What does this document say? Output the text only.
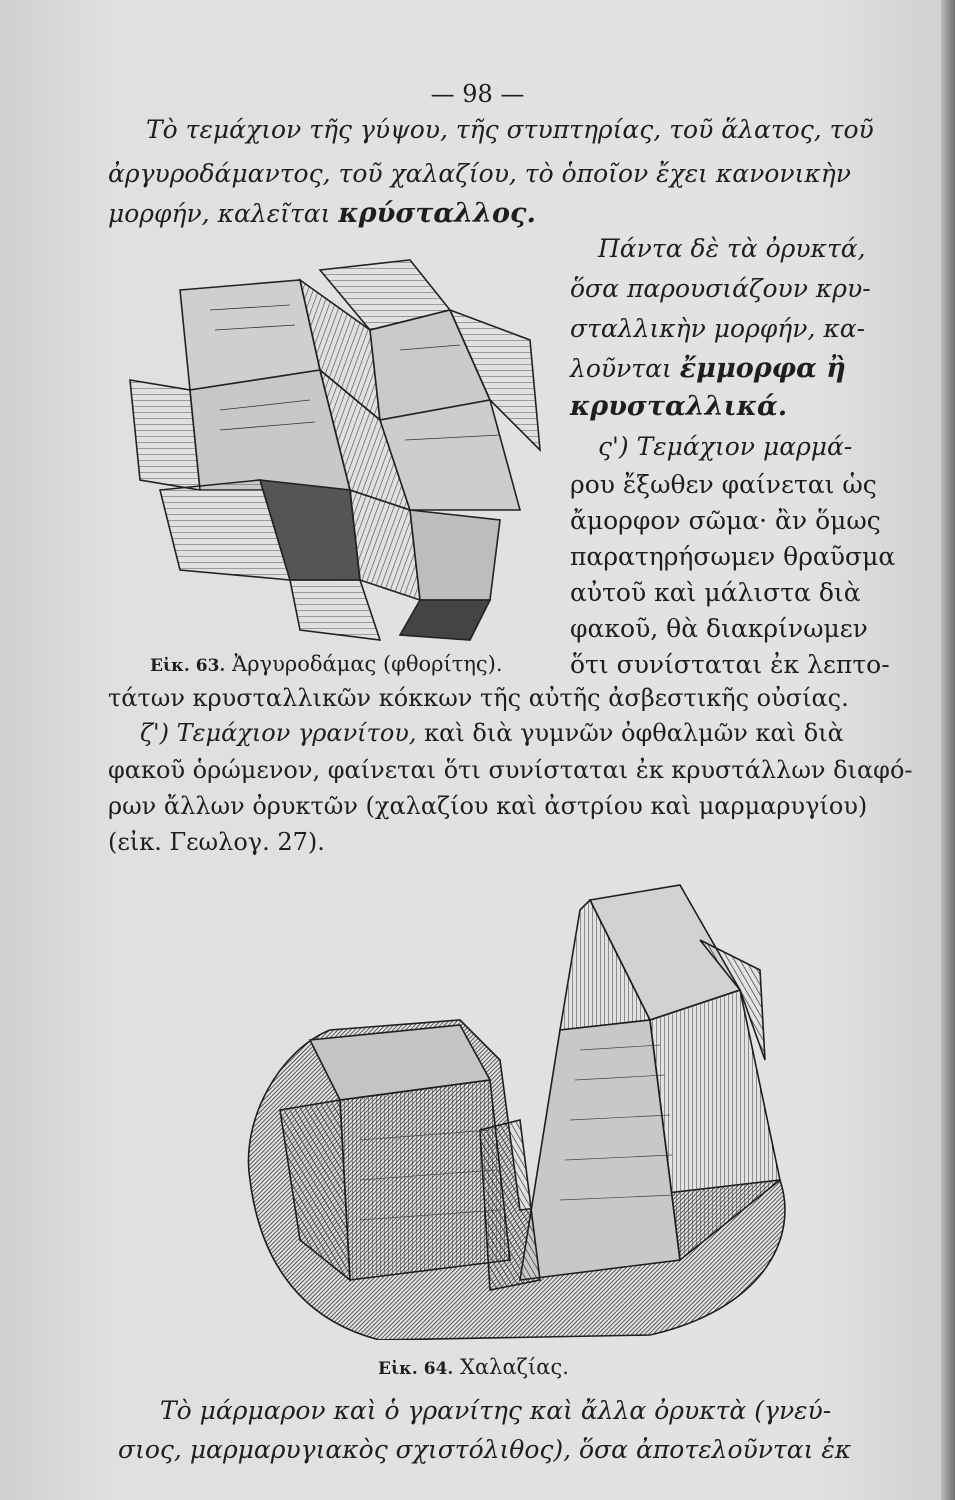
— 98 —
Τὸ τεμάχιον τῆς γύψου, τῆς στυπτηρίας, τοῦ ἅλατος, τοῦ
ἀργυροδάμαντος, τοῦ χαλαζίου, τὸ ὁποῖον ἔχει κανονικὴν
μορφήν, καλεῖται κρύσταλλος.
Πάντα δὲ τὰ ὀρυκτά,
ὅσα παρουσιάζουν κρυ-
σταλλικὴν μορφήν, κα-
λοῦνται ἔμμορφα ἢ
κρυσταλλικά.
ς') Τεμάχιον μαρμά-
ρου ἔξωθεν φαίνεται ὡς
ἄμορφον σῶμα· ἂν ὅμως
παρατηρήσωμεν θραῦσμα
αὐτοῦ καὶ μάλιστα διὰ
φακοῦ, θὰ διακρίνωμεν
ὅτι συνίσταται ἐκ λεπτο-
Εἰκ. 63. Ἀργυροδάμας (φθορίτης).
τάτων κρυσταλλικῶν κόκκων τῆς αὐτῆς ἀσβεστικῆς οὐσίας.
ζ') Τεμάχιον γρανίτου, καὶ διὰ γυμνῶν ὀφθαλμῶν καὶ διὰ
φακοῦ ὁρώμενον, φαίνεται ὅτι συνίσταται ἐκ κρυστάλλων διαφό-
ρων ἄλλων ὀρυκτῶν (χαλαζίου καὶ ἀστρίου καὶ μαρμαρυγίου)
(εἰκ. Γεωλογ. 27).
Εἰκ. 64. Χαλαζίας.
Τὸ μάρμαρον καὶ ὁ γρανίτης καὶ ἄλλα ὀρυκτὰ (γνεύ-
σιος, μαρμαρυγιακὸς σχιστόλιθος), ὅσα ἀποτελοῦνται ἐκ
